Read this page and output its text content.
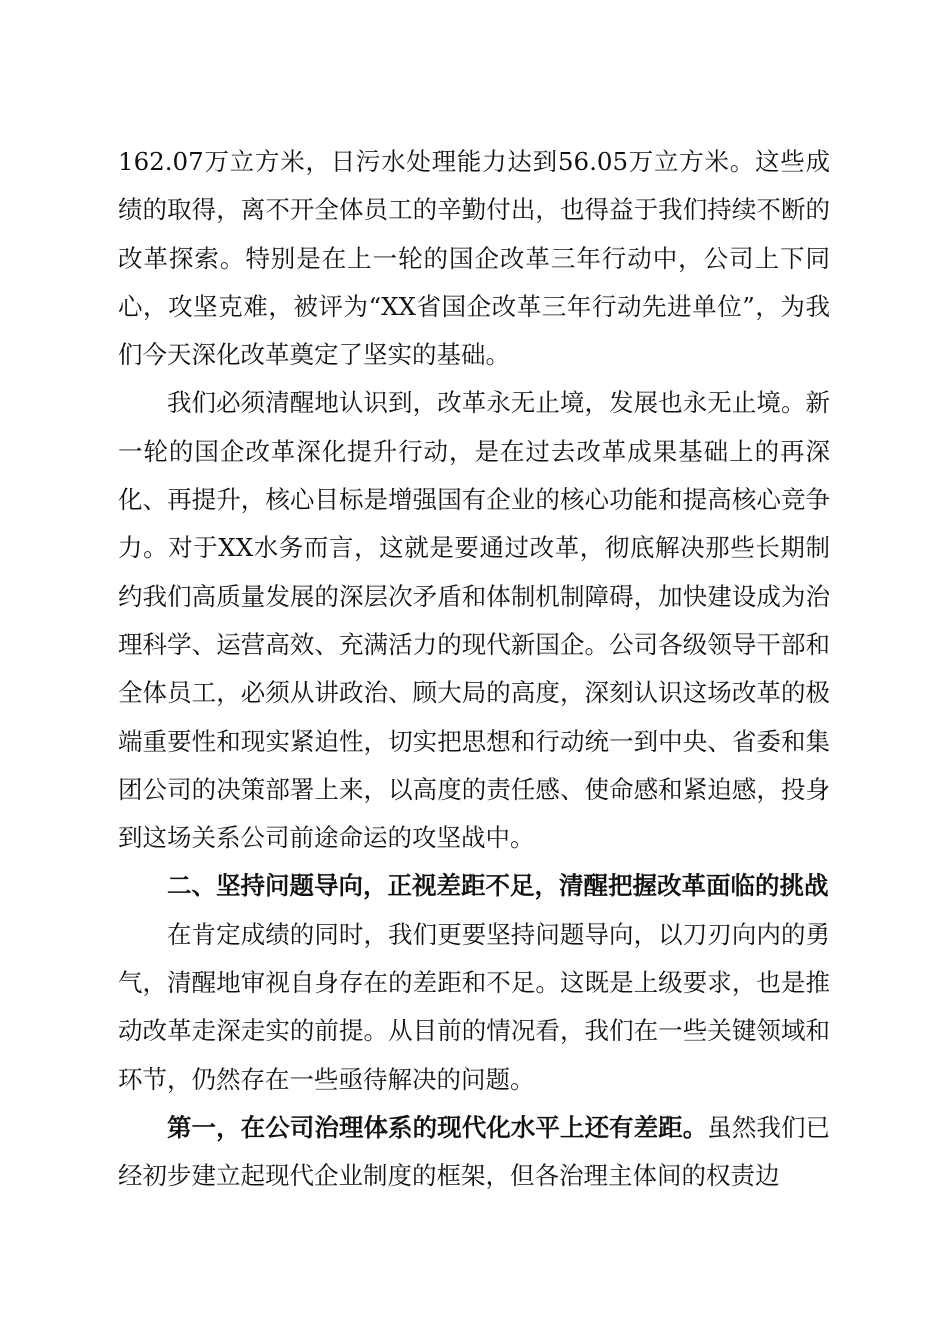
162.07万立方米，日污水处理能力达到56.05万立方米。这些成绩的取得，离不开全体员工的辛勤付出，也得益于我们持续不断的改革探索。特别是在上一轮的国企改革三年行动中，公司上下同心，攻坚克难，被评为“XX省国企改革三年行动先进单位”，为我们今天深化改革奠定了坚实的基础。

我们必须清醒地认识到，改革永无止境，发展也永无止境。新一轮的国企改革深化提升行动，是在过去改革成果基础上的再深化、再提升，核心目标是增强国有企业的核心功能和提高核心竞争力。对于XX水务而言，这就是要通过改革，彻底解决那些长期制约我们高质量发展的深层次矛盾和体制机制障碍，加快建设成为治理科学、运营高效、充满活力的现代新国企。公司各级领导干部和全体员工，必须从讲政治、顾大局的高度，深刻认识这场改革的极端重要性和现实紧迫性，切实把思想和行动统一到中央、省委和集团公司的决策部署上来，以高度的责任感、使命感和紧迫感，投身到这场关系公司前途命运的攻坚战中。

二、坚持问题导向，正视差距不足，清醒把握改革面临的挑战

在肯定成绩的同时，我们更要坚持问题导向，以刀刃向内的勇气，清醒地审视自身存在的差距和不足。这既是上级要求，也是推动改革走深走实的前提。从目前的情况看，我们在一些关键领域和环节，仍然存在一些亟待解决的问题。

第一，在公司治理体系的现代化水平上还有差距。虽然我们已经初步建立起现代企业制度的框架，但各治理主体间的权责边
